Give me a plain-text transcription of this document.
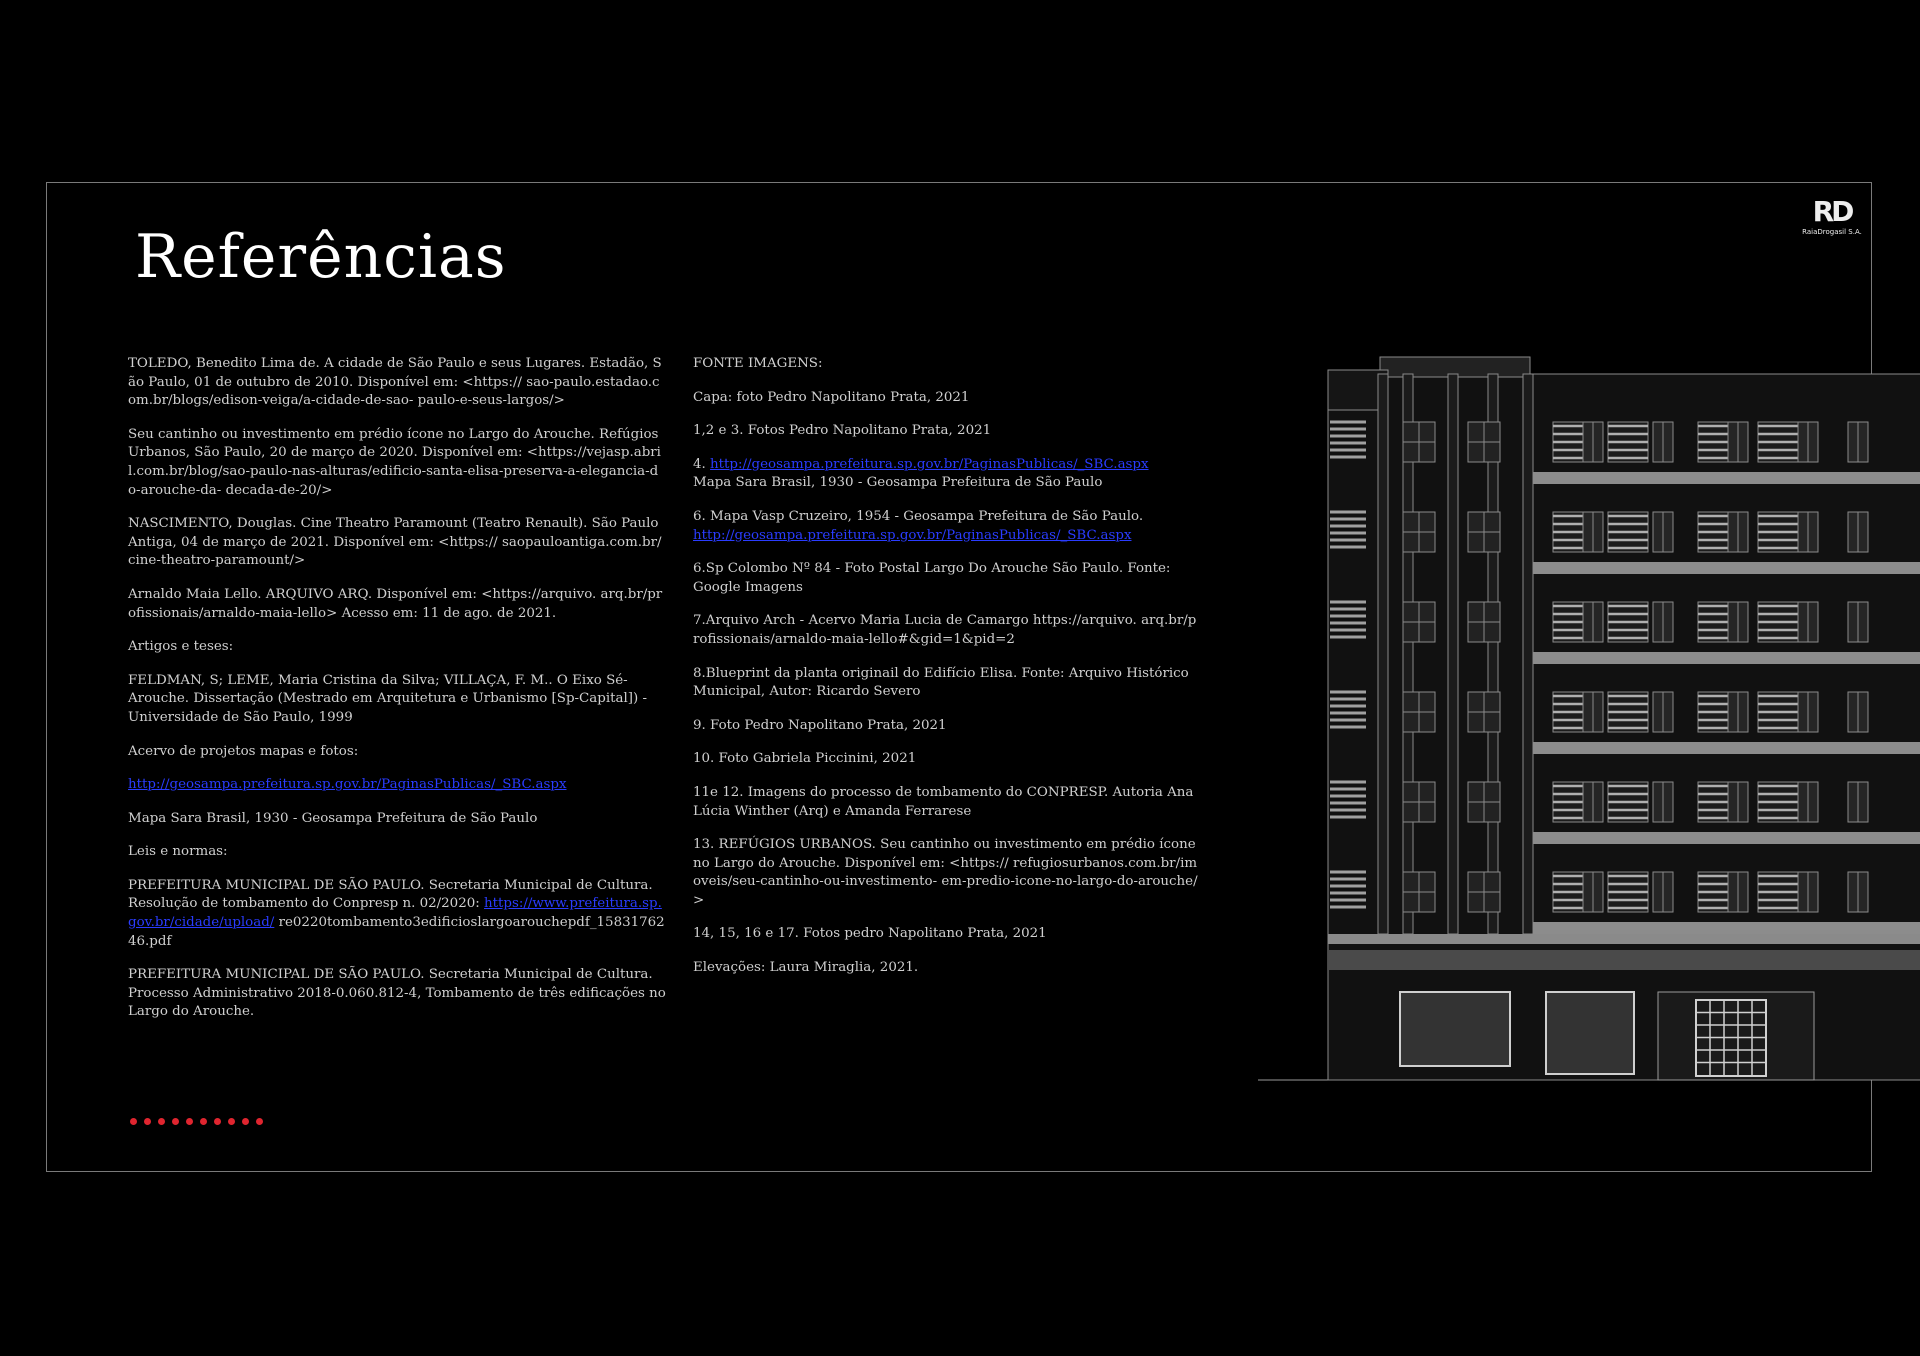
Referências
RD
RaiaDrogasil S.A.

TOLEDO, Benedito Lima de. A cidade de São Paulo e seus Lugares. Estadão, São Paulo, 01 de outubro de 2010. Disponível em: <https:// sao-paulo.estadao.com.br/blogs/edison-veiga/a-cidade-de-sao- paulo-e-seus-largos/>

Seu cantinho ou investimento em prédio ícone no Largo do Arouche. Refúgios Urbanos, São Paulo, 20 de março de 2020. Disponível em: <https://vejasp.abril.com.br/blog/sao-paulo-nas-alturas/edificio-santa-elisa-preserva-a-elegancia-do-arouche-da- decada-de-20/>

NASCIMENTO, Douglas. Cine Theatro Paramount (Teatro Renault). São Paulo Antiga, 04 de março de 2021. Disponível em: <https:// saopauloantiga.com.br/cine-theatro-paramount/>

Arnaldo Maia Lello. ARQUIVO ARQ. Disponível em: <https://arquivo. arq.br/profissionais/arnaldo-maia-lello> Acesso em: 11 de ago. de 2021.

Artigos e teses:

FELDMAN, S; LEME, Maria Cristina da Silva; VILLAÇA, F. M.. O Eixo Sé-Arouche. Dissertação (Mestrado em Arquitetura e Urbanismo [Sp-Capital]) - Universidade de São Paulo, 1999

Acervo de projetos mapas e fotos:

http://geosampa.prefeitura.sp.gov.br/PaginasPublicas/_SBC.aspx

Mapa Sara Brasil, 1930 - Geosampa Prefeitura de São Paulo

Leis e normas:

PREFEITURA MUNICIPAL DE SÃO PAULO. Secretaria Municipal de Cultura. Resolução de tombamento do Conpresp n. 02/2020: https://www.prefeitura.sp.gov.br/cidade/upload/ re0220tombamento3edificioslargoarouchepdf_1583176246.pdf

PREFEITURA MUNICIPAL DE SÃO PAULO. Secretaria Municipal de Cultura. Processo Administrativo 2018-0.060.812-4, Tombamento de três edificações no Largo do Arouche.

FONTE IMAGENS:

Capa: foto Pedro Napolitano Prata, 2021

1,2 e 3. Fotos Pedro Napolitano Prata, 2021

4. http://geosampa.prefeitura.sp.gov.br/PaginasPublicas/_SBC.aspx
Mapa Sara Brasil, 1930 - Geosampa Prefeitura de São Paulo

6. Mapa Vasp Cruzeiro, 1954 - Geosampa Prefeitura de São Paulo.
http://geosampa.prefeitura.sp.gov.br/PaginasPublicas/_SBC.aspx

6.Sp Colombo Nº 84 - Foto Postal Largo Do Arouche São Paulo. Fonte: Google Imagens

7.Arquivo Arch - Acervo Maria Lucia de Camargo https://arquivo. arq.br/profissionais/arnaldo-maia-lello#&gid=1&pid=2

8.Blueprint da planta originail do Edifício Elisa. Fonte: Arquivo Histórico Municipal, Autor: Ricardo Severo

9. Foto Pedro Napolitano Prata, 2021

10. Foto Gabriela Piccinini, 2021

11e 12. Imagens do processo de tombamento do CONPRESP. Autoria Ana Lúcia Winther (Arq) e Amanda Ferrarese

13. REFÚGIOS URBANOS. Seu cantinho ou investimento em prédio ícone no Largo do Arouche. Disponível em: <https:// refugiosurbanos.com.br/imoveis/seu-cantinho-ou-investimento- em-predio-icone-no-largo-do-arouche/>

14, 15, 16 e 17. Fotos pedro Napolitano Prata, 2021

Elevações: Laura Miraglia, 2021.
